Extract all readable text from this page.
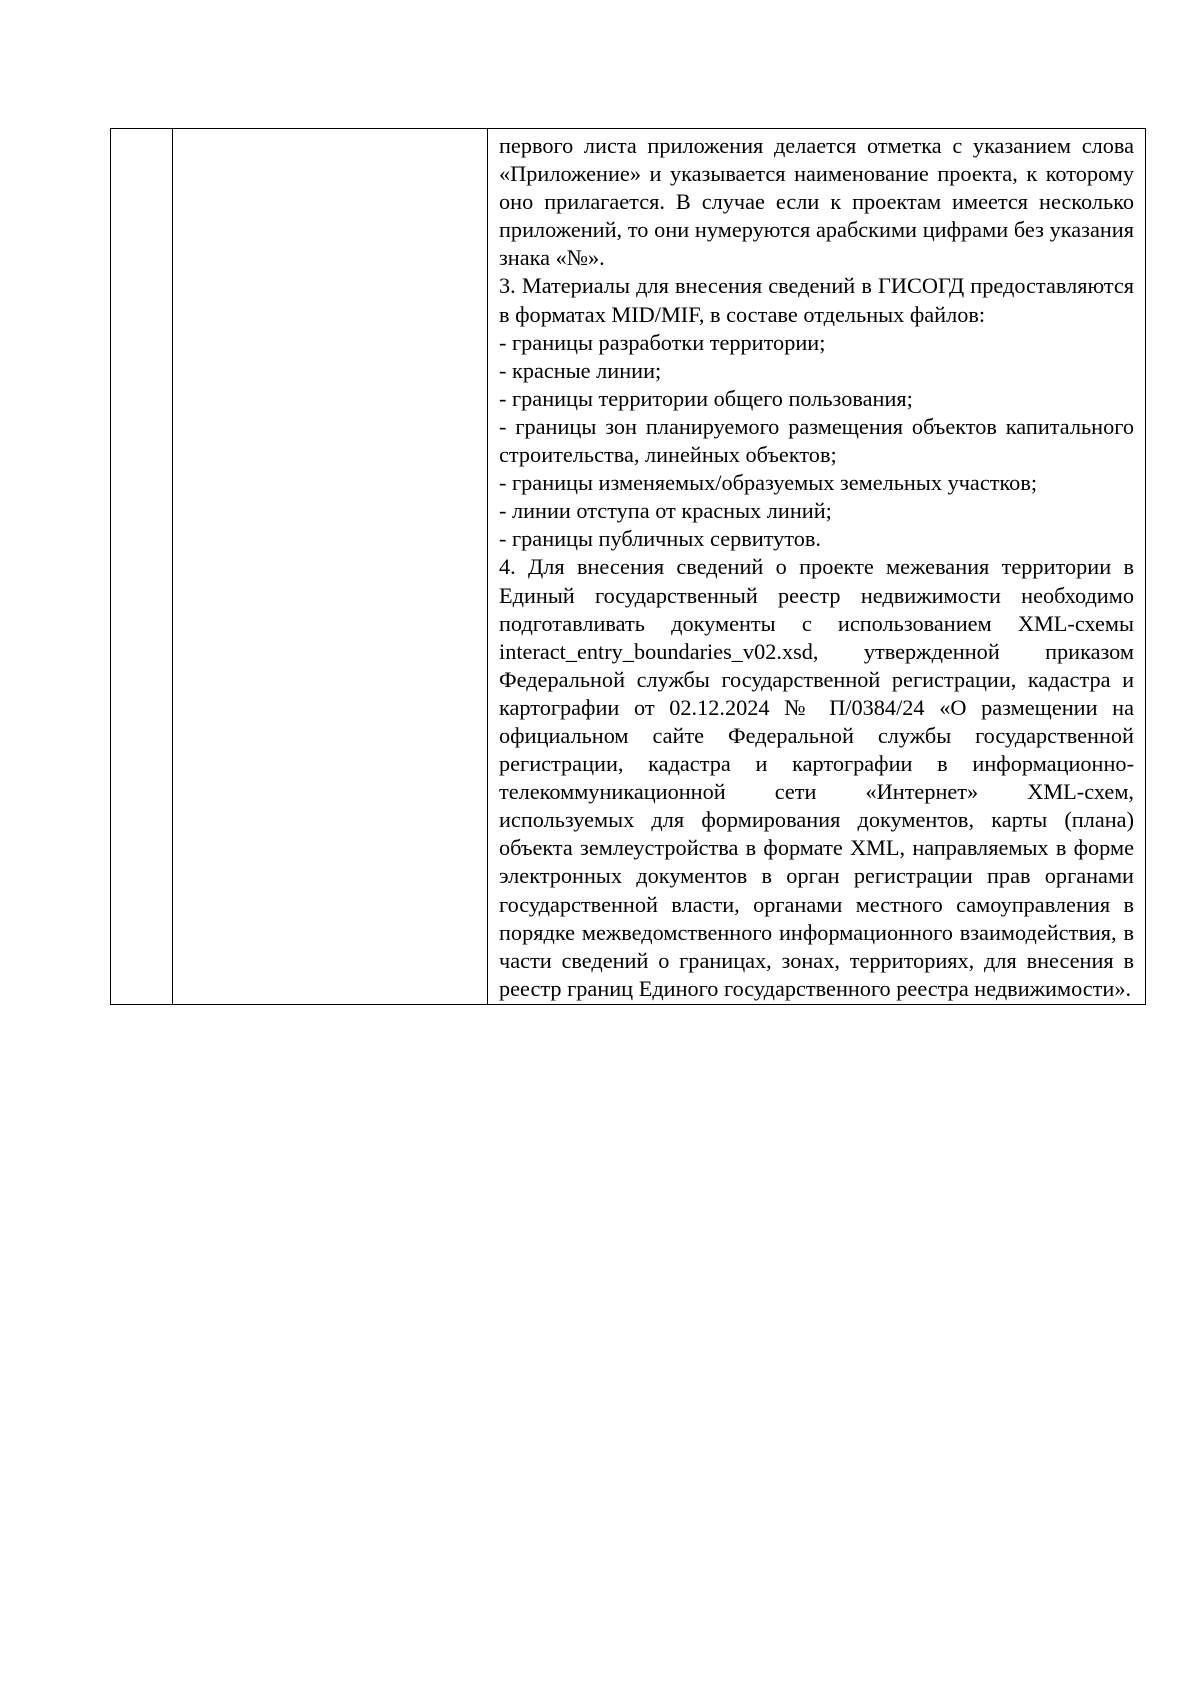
первого листа приложения делается отметка с указанием слова «Приложение» и указывается наименование проекта, к которому оно прилагается. В случае если к проектам имеется несколько приложений, то они нумеруются арабскими цифрами без указания знака «№».

3. Материалы для внесения сведений в ГИСОГД предоставляются в форматах MID/MIF, в составе отдельных файлов:

- границы разработки территории;

- красные линии;

- границы территории общего пользования;

- границы зон планируемого размещения объектов капитального строительства, линейных объектов;

- границы изменяемых/образуемых земельных участков;

- линии отступа от красных линий;

- границы публичных сервитутов.

4. Для внесения сведений о проекте межевания территории в Единый государственный реестр недвижимости необходимо подготавливать документы с использованием XML-схемы interact_entry_boundaries_v02.xsd, утвержденной приказом Федеральной службы государственной регистрации, кадастра и картографии от 02.12.2024 № П/0384/24 «О размещении на официальном сайте Федеральной службы государственной регистрации, кадастра и картографии в информационно-телекоммуникационной сети «Интернет» XML-схем, используемых для формирования документов, карты (плана) объекта землеустройства в формате XML, направляемых в форме электронных документов в орган регистрации прав органами государственной власти, органами местного самоуправления в порядке межведомственного информационного взаимодействия, в части сведений о границах, зонах, территориях, для внесения в реестр границ Единого государственного реестра недвижимости».
